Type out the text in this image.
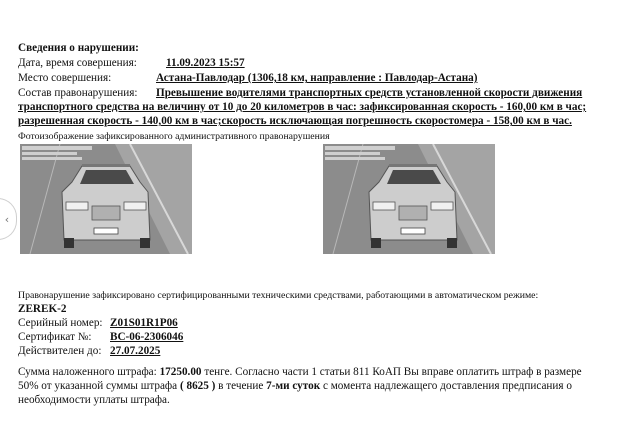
‹
Сведения о нарушении:
Дата, время совершения:	11.09.2023 15:57
Место совершения:	Астана-Павлодар (1306,18 км, направление : Павлодар-Астана)
Состав правонарушения: Превышение водителями транспортных средств установленной скорости движения
транспортного средства на величину от 10 до 20 километров в час: зафиксированная скорость - 160,00 км в час;
разрешенная скорость - 140,00 км в час;скорость исключающая погрешность скоростомера - 158,00 км в час.
Фотоизображение зафиксированного административного правонарушения
Правонарушение зафиксировано сертифицированными техническими средствами, работающими в автоматическом режиме:
ZEREK-2
Серийный номер: Z01S01R1P06
Сертификат №: BC-06-2306046
Действителен до: 27.07.2025
Сумма наложенного штрафа: 17250.00 тенге. Согласно части 1 статьи 811 КоАП Вы вправе оплатить штраф в размере
50% от указанной суммы штрафа ( 8625 ) в течение 7-ми суток с момента надлежащего доставления предписания о
необходимости уплаты штрафа.
